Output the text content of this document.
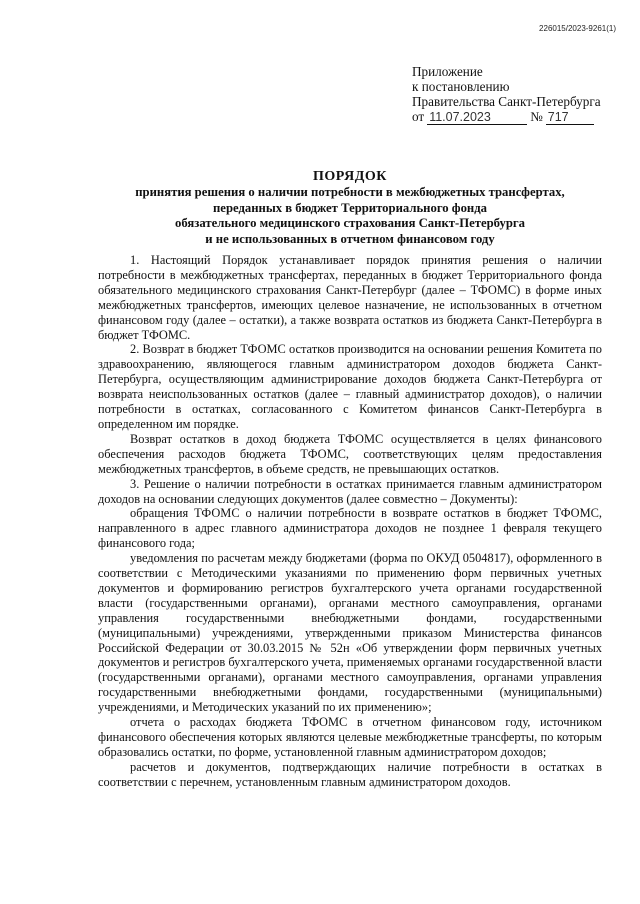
226015/2023-9261(1)
Приложение
к постановлению
Правительства Санкт-Петербурга
от 11.07.2023	№ 717
ПОРЯДОК
принятия решения о наличии потребности в межбюджетных трансфертах,
переданных в бюджет Территориального фонда
обязательного медицинского страхования Санкт-Петербурга
и не использованных в отчетном финансовом году

1. Настоящий Порядок устанавливает порядок принятия решения о наличии потребности в межбюджетных трансфертах, переданных в бюджет Территориального фонда обязательного медицинского страхования Санкт-Петербург (далее – ТФОМС) в форме иных межбюджетных трансфертов, имеющих целевое назначение, не использованных в отчетном финансовом году (далее – остатки), а также возврата остатков из бюджета Санкт-Петербурга в бюджет ТФОМС.

2. Возврат в бюджет ТФОМС остатков производится на основании решения Комитета по здравоохранению, являющегося главным администратором доходов бюджета Санкт-Петербурга, осуществляющим администрирование доходов бюджета Санкт-Петербурга от возврата неиспользованных остатков (далее – главный администратор доходов), о наличии потребности в остатках, согласованного с Комитетом финансов Санкт-Петербурга в определенном им порядке.

Возврат остатков в доход бюджета ТФОМС осуществляется в целях финансового обеспечения расходов бюджета ТФОМС, соответствующих целям предоставления межбюджетных трансфертов, в объеме средств, не превышающих остатков.

3. Решение о наличии потребности в остатках принимается главным администратором доходов на основании следующих документов (далее совместно – Документы):

обращения ТФОМС о наличии потребности в возврате остатков в бюджет ТФОМС, направленного в адрес главного администратора доходов не позднее 1 февраля текущего финансового года;

уведомления по расчетам между бюджетами (форма по ОКУД 0504817), оформленного в соответствии с Методическими указаниями по применению форм первичных учетных документов и формированию регистров бухгалтерского учета органами государственной власти (государственными органами), органами местного самоуправления, органами управления государственными внебюджетными фондами, государственными (муниципальными) учреждениями, утвержденными приказом Министерства финансов Российской Федерации от 30.03.2015 № 52н «Об утверждении форм первичных учетных документов и регистров бухгалтерского учета, применяемых органами государственной власти (государственными органами), органами местного самоуправления, органами управления государственными внебюджетными фондами, государственными (муниципальными) учреждениями, и Методических указаний по их применению»;

отчета о расходах бюджета ТФОМС в отчетном финансовом году, источником финансового обеспечения которых являются целевые межбюджетные трансферты, по которым образовались остатки, по форме, установленной главным администратором доходов;

расчетов и документов, подтверждающих наличие потребности в остатках в соответствии с перечнем, установленным главным администратором доходов.
